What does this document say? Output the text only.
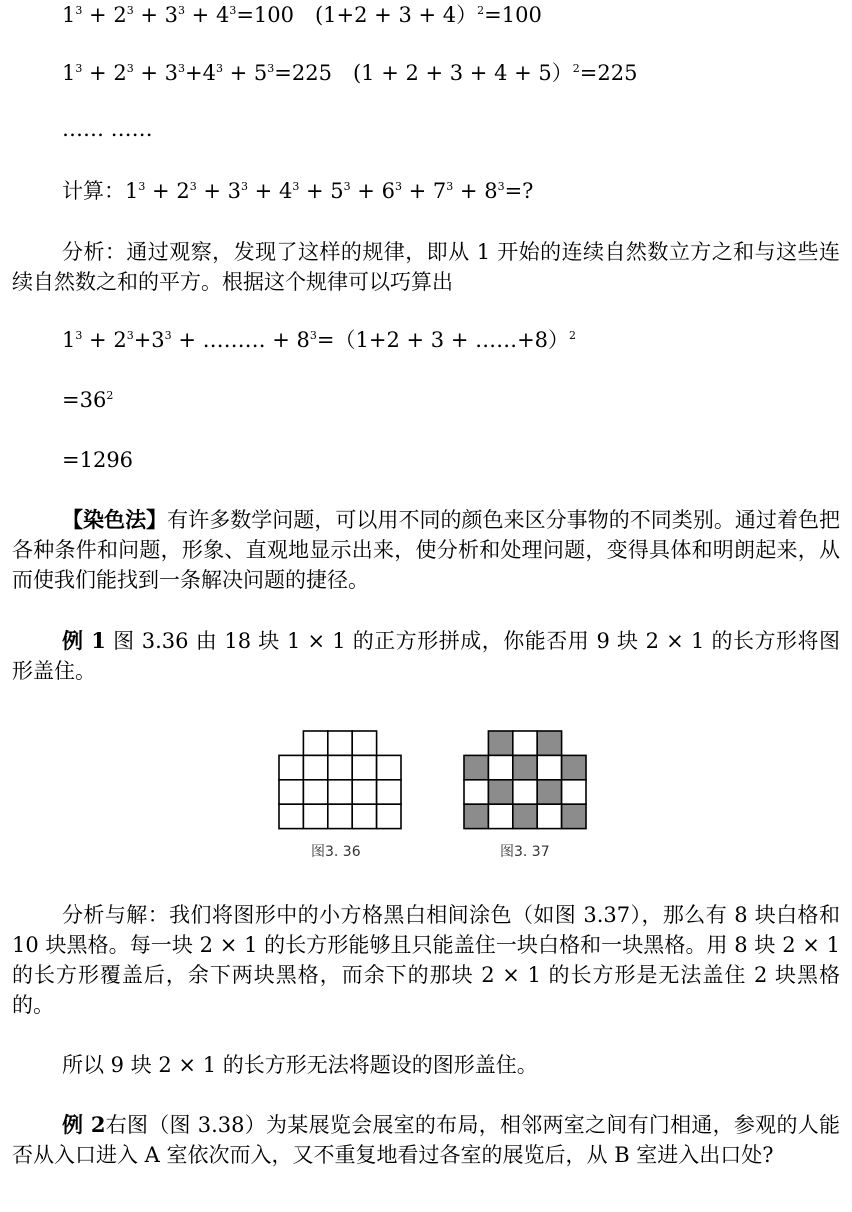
$1^3 + 2^3 + 3^3 + 4^3=100$　(1+2 + 3 + 4）$^2$=100
$1^3 + 2^3 + 3^3+4^3 + 5^3=225$　(1 + 2 + 3 + 4 + 5）$^2$=225
…… ……
计算：$1^3 + 2^3 + 3^3 + 4^3 + 5^3 + 6^3 + 7^3 + 8^3=$?

分析：通过观察，发现了这样的规律，即从 1 开始的连续自然数立方之和与这些连续自然数之和的平方。根据这个规律可以巧算出

$1^3 + 2^3+3^3$ + ……… + $8^3=(1+2 + 3$ + ……+8）$^2$
$=36^2$
=1296

【染色法】有许多数学问题，可以用不同的颜色来区分事物的不同类别。通过着色把各种条件和问题，形象、直观地显示出来，使分析和处理问题，变得具体和明朗起来，从而使我们能找到一条解决问题的捷径。

例 1 图 3.36 由 18 块 1 × 1 的正方形拼成，你能否用 9 块 2 × 1 的长方形将图形盖住。

图3. 36	图3. 37

分析与解：我们将图形中的小方格黑白相间涂色（如图 3.37），那么有 8 块白格和 10 块黑格。每一块 2 × 1 的长方形能够且只能盖住一块白格和一块黑格。用 8 块 2 × 1 的长方形覆盖后，余下两块黑格，而余下的那块 2 × 1 的长方形是无法盖住 2 块黑格的。

所以 9 块 2 × 1 的长方形无法将题设的图形盖住。

例 2右图（图 3.38）为某展览会展室的布局，相邻两室之间有门相通，参观的人能否从入口进入 A 室依次而入，又不重复地看过各室的展览后，从 B 室进入出口处?
